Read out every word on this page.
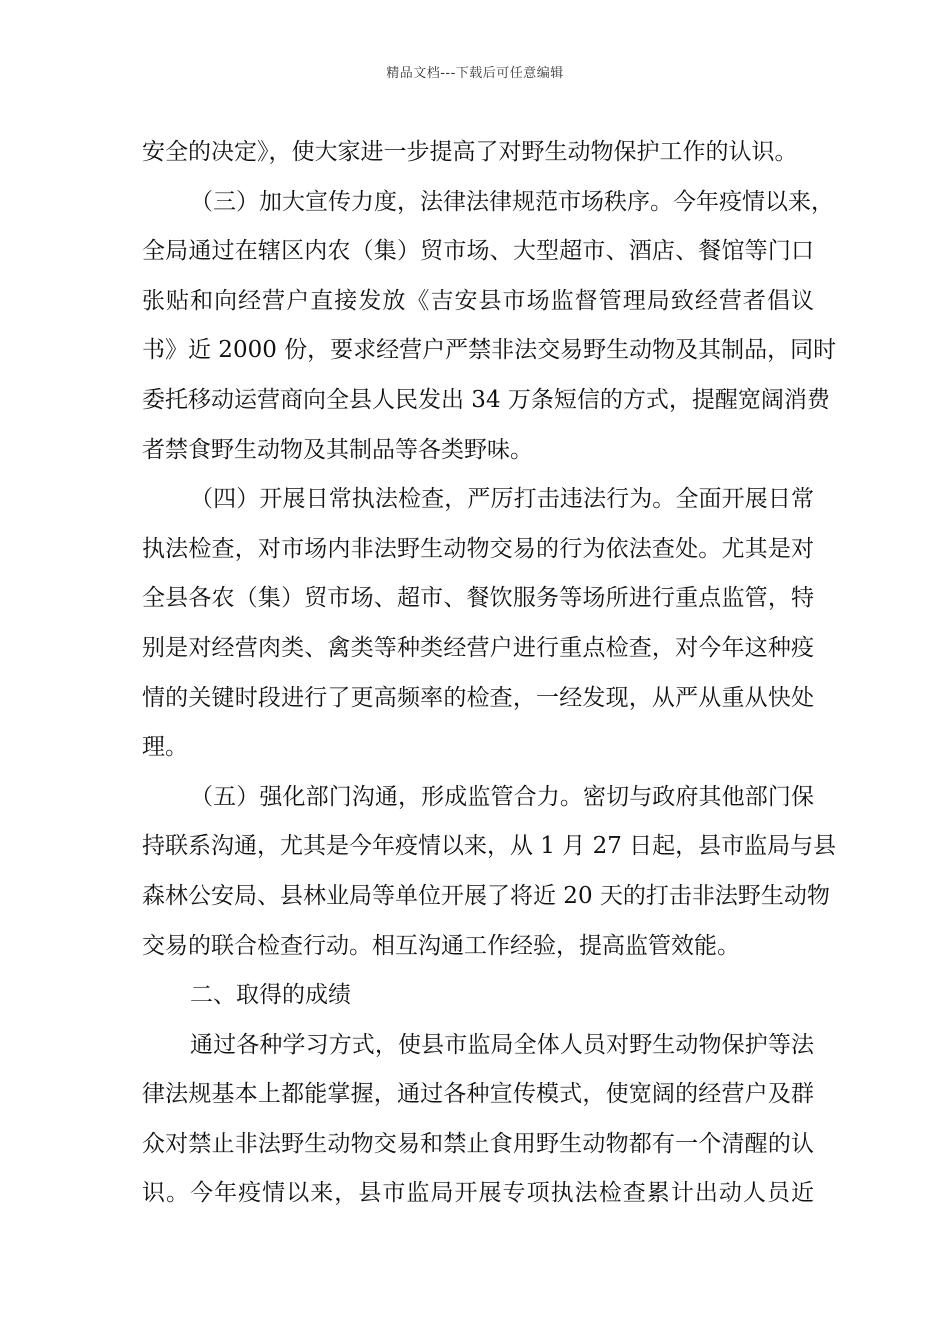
精品文档---下载后可任意编辑
安全的决定》，使大家进一步提高了对野生动物保护工作的认识。
（三）加大宣传力度，法律法律规范市场秩序。今年疫情以来，
全局通过在辖区内农（集）贸市场、大型超市、酒店、餐馆等门口
张贴和向经营户直接发放《吉安县市场监督管理局致经营者倡议
书》近 2000 份，要求经营户严禁非法交易野生动物及其制品，同时
委托移动运营商向全县人民发出 34 万条短信的方式，提醒宽阔消费
者禁食野生动物及其制品等各类野味。
（四）开展日常执法检查，严厉打击违法行为。全面开展日常
执法检查，对市场内非法野生动物交易的行为依法查处。尤其是对
全县各农（集）贸市场、超市、餐饮服务等场所进行重点监管，特
别是对经营肉类、禽类等种类经营户进行重点检查，对今年这种疫
情的关键时段进行了更高频率的检查，一经发现，从严从重从快处
理。
（五）强化部门沟通，形成监管合力。密切与政府其他部门保
持联系沟通，尤其是今年疫情以来，从 1 月 27 日起，县市监局与县
森林公安局、县林业局等单位开展了将近 20 天的打击非法野生动物
交易的联合检查行动。相互沟通工作经验，提高监管效能。
二、取得的成绩
通过各种学习方式，使县市监局全体人员对野生动物保护等法
律法规基本上都能掌握，通过各种宣传模式，使宽阔的经营户及群
众对禁止非法野生动物交易和禁止食用野生动物都有一个清醒的认
识。今年疫情以来，县市监局开展专项执法检查累计出动人员近
